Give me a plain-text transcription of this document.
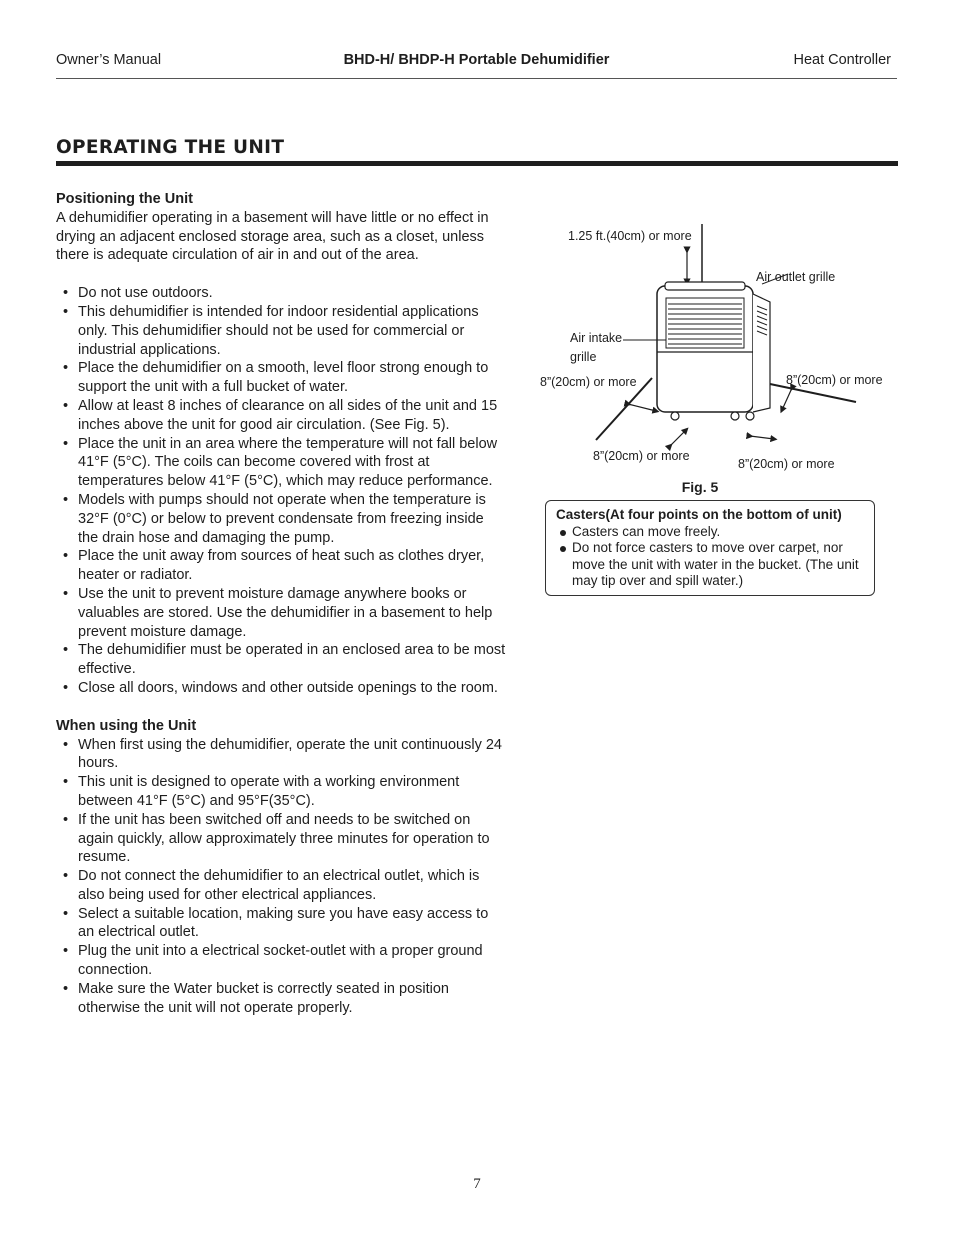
Owner’s Manual	BHD-H/ BHDP-H Portable Dehumidifier	Heat Controller
OPERATING THE UNIT
Positioning the Unit

A dehumidifier operating in a basement will have little or no effect in drying an adjacent enclosed storage area, such as a closet, unless there is adequate circulation of air in and out of the area.

• Do not use outdoors.
• This dehumidifier is intended for indoor residential applications only. This dehumidifier should not be used for commercial or industrial applications.
• Place the dehumidifier on a smooth, level floor strong enough to support the unit with a full bucket of water.
• Allow at least 8 inches of clearance on all sides of the unit and 15 inches above the unit for good air circulation. (See Fig. 5).
• Place the unit in an area where the temperature will not fall below 41°F (5°C). The coils can become covered with frost at temperatures below 41°F (5°C), which may reduce performance.
• Models with pumps should not operate when the temperature is 32°F (0°C) or below to prevent condensate from freezing inside the drain hose and damaging the pump.
• Place the unit away from sources of heat such as clothes dryer, heater or radiator.
• Use the unit to prevent moisture damage anywhere books or valuables are stored. Use the dehumidifier in a basement to help prevent moisture damage.
• The dehumidifier must be operated in an enclosed area to be most effective.
• Close all doors, windows and other outside openings to the room.
When using the Unit
• When first using the dehumidifier, operate the unit continuously 24 hours.
• This unit is designed to operate with a working environment between 41°F (5°C) and 95°F(35°C).
• If the unit has been switched off and needs to be switched on again quickly, allow approximately three minutes for operation to resume.
• Do not connect the dehumidifier to an electrical outlet, which is also being used for other electrical appliances.
• Select a suitable location, making sure you have easy access to an electrical outlet.
• Plug the unit into a electrical socket-outlet with a proper ground connection.
• Make sure the Water bucket is correctly seated in position otherwise the unit will not operate properly.
1.25 ft.(40cm) or more
Air outlet grille
Air intake
grille
8”(20cm) or more	8”(20cm) or more
8”(20cm) or more
8”(20cm) or more
Fig. 5
Casters(At four points on the bottom of unit)
Casters can move freely.
Do not force casters to move over carpet, nor move the unit with water in the bucket. (The unit may tip over and spill water.)
7
